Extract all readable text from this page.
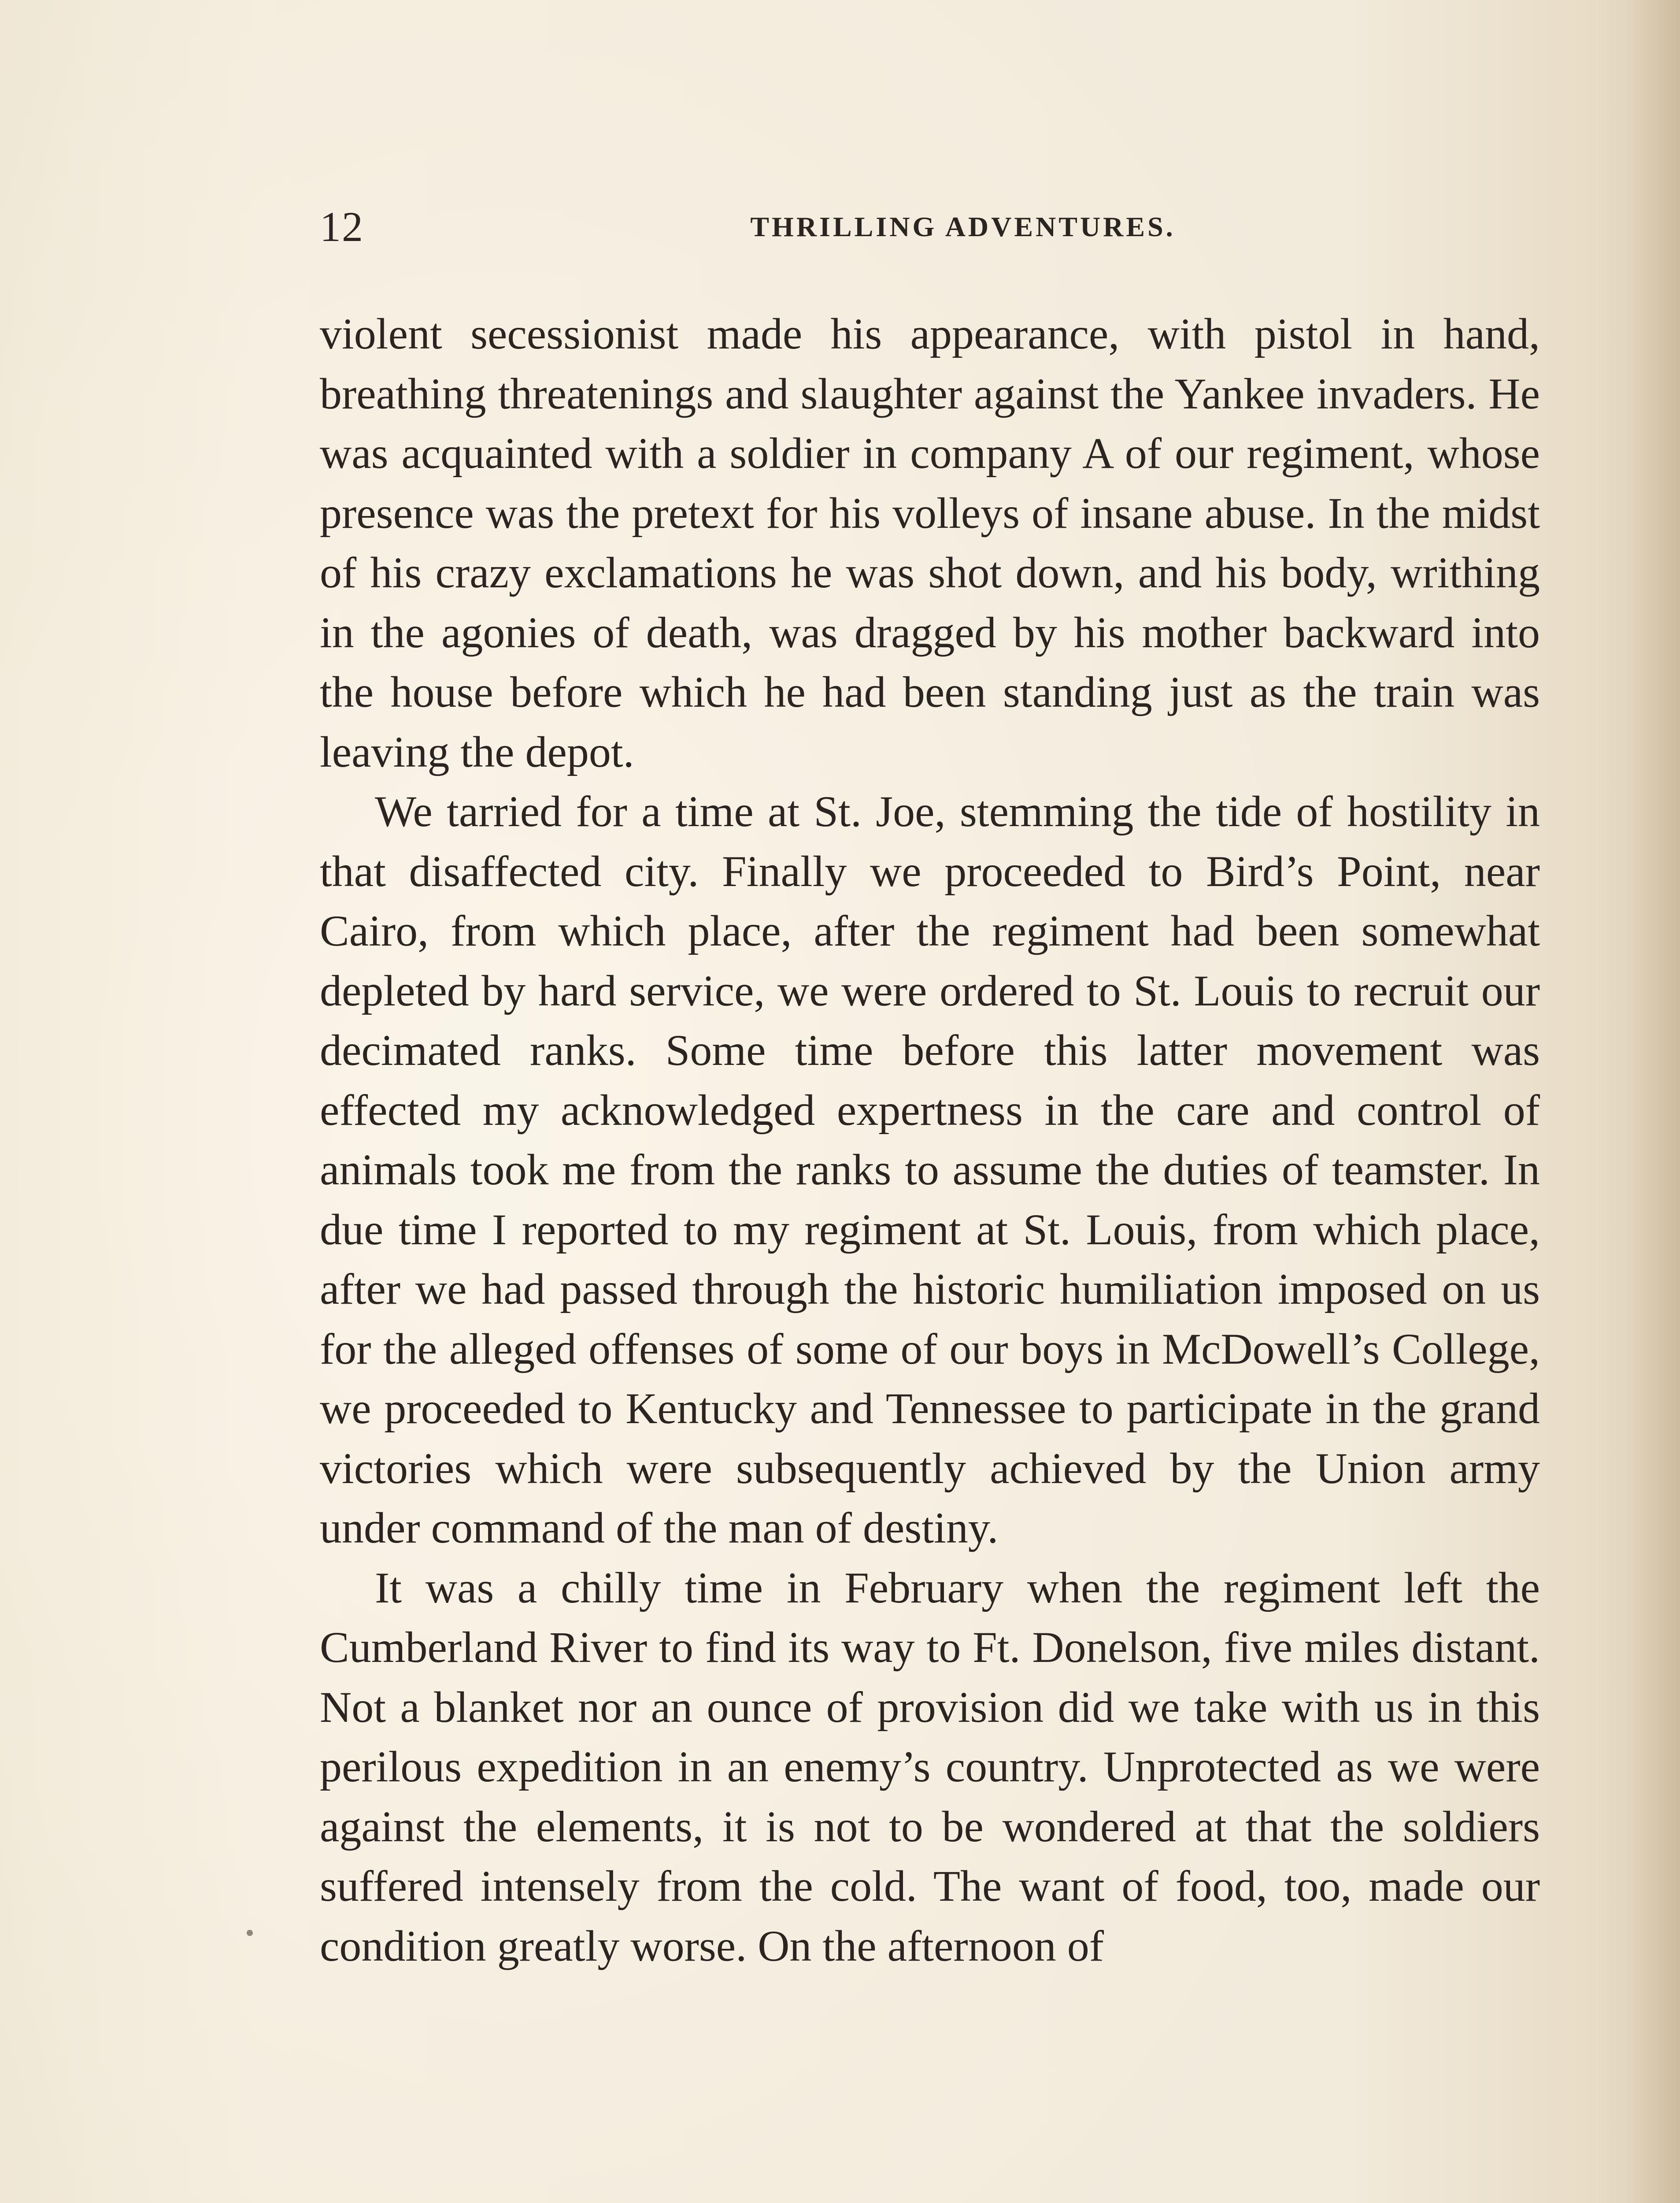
12	THRILLING ADVENTURES.

violent secessionist made his appearance, with pistol in hand, breathing threatenings and slaughter against the Yankee invaders. He was acquainted with a soldier in company A of our regiment, whose presence was the pretext for his volleys of insane abuse. In the midst of his crazy exclamations he was shot down, and his body, writhing in the agonies of death, was dragged by his mother backward into the house before which he had been standing just as the train was leaving the depot.

We tarried for a time at St. Joe, stemming the tide of hostility in that disaffected city. Finally we proceeded to Bird’s Point, near Cairo, from which place, after the regiment had been somewhat depleted by hard service, we were ordered to St. Louis to recruit our decimated ranks. Some time before this latter movement was effected my acknowledged expertness in the care and control of animals took me from the ranks to assume the duties of teamster. In due time I reported to my regiment at St. Louis, from which place, after we had passed through the historic humiliation imposed on us for the alleged offenses of some of our boys in McDowell’s College, we proceeded to Kentucky and Tennessee to participate in the grand victories which were subsequently achieved by the Union army under command of the man of destiny.

It was a chilly time in February when the regiment left the Cumberland River to find its way to Ft. Donelson, five miles distant. Not a blanket nor an ounce of provision did we take with us in this perilous expedition in an enemy’s country. Unprotected as we were against the elements, it is not to be wondered at that the soldiers suffered intensely from the cold. The want of food, too, made our condition greatly worse. On the afternoon of
